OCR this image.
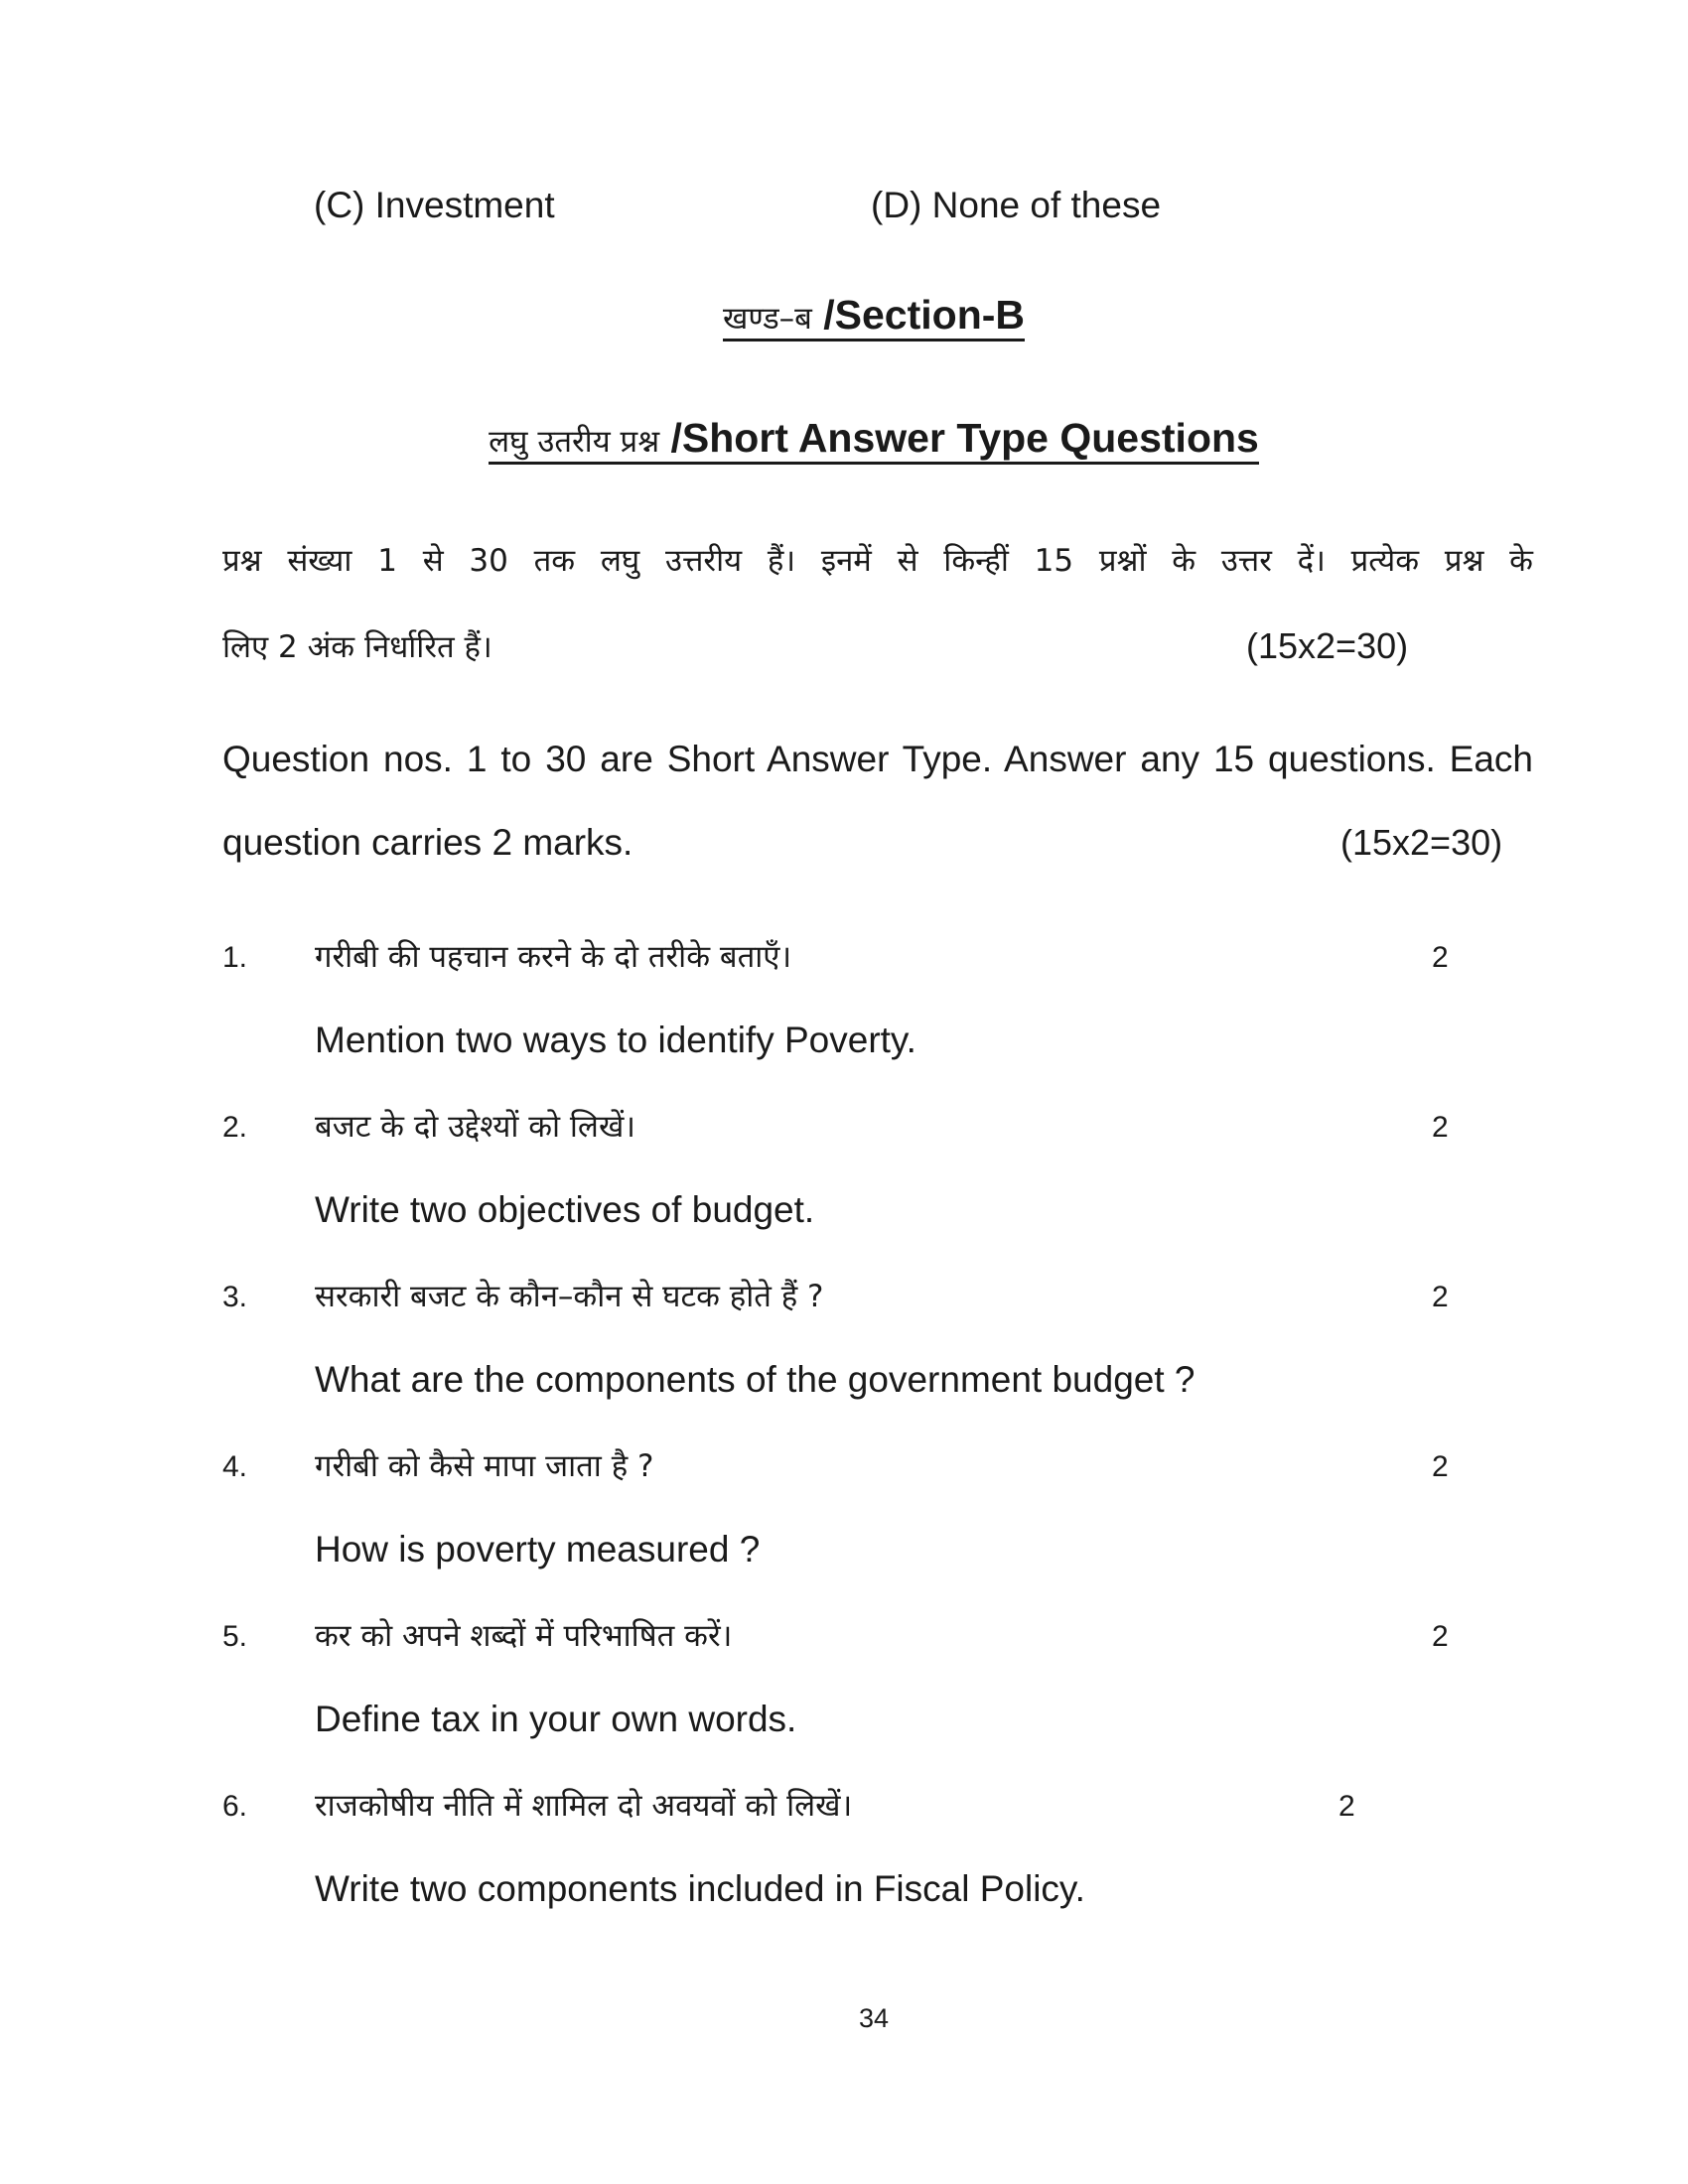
(C) Investment	(D) None of these
खण्ड–ब /Section-B
लघु उतरीय प्रश्न /Short Answer Type Questions
प्रश्न संख्या 1 से 30 तक लघु उत्तरीय हैं। इनमें से किन्हीं 15 प्रश्नों के उत्तर दें। प्रत्येक प्रश्न के
लिए 2 अंक निर्धारित हैं।	(15x2=30)
Question nos. 1 to 30 are Short Answer Type. Answer any 15 questions. Each
question carries 2 marks.	(15x2=30)
1. गरीबी की पहचान करने के दो तरीके बताएँ।	2
Mention two ways to identify Poverty.
2. बजट के दो उद्देश्यों को लिखें।	2
Write two objectives of budget.
3. सरकारी बजट के कौन–कौन से घटक होते हैं ?	2
What are the components of the government budget ?
4. गरीबी को कैसे मापा जाता है ?	2
How is poverty measured ?
5. कर को अपने शब्दों में परिभाषित करें।	2
Define tax in your own words.
6. राजकोषीय नीति में शामिल दो अवयवों को लिखें।	2
Write two components included in Fiscal Policy.
34
